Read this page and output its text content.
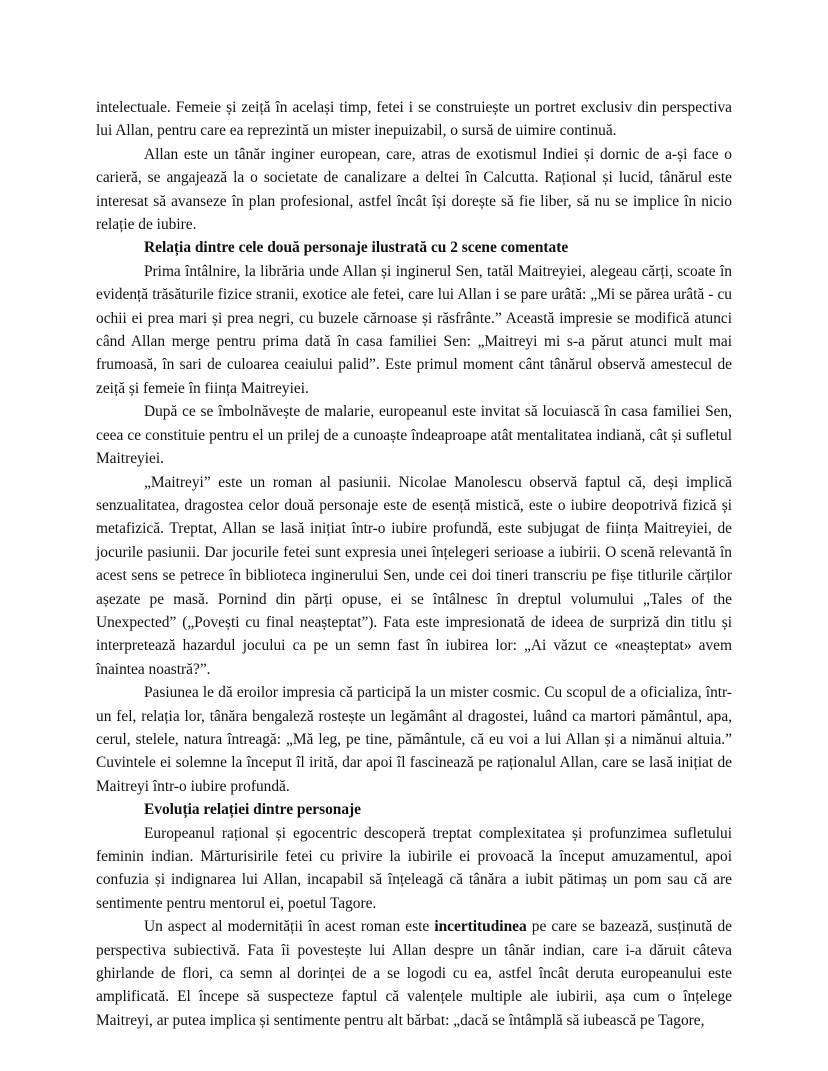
intelectuale. Femeie și zeiță în același timp, fetei i se construiește un portret exclusiv din perspectiva lui Allan, pentru care ea reprezintă un mister inepuizabil, o sursă de uimire continuă.

Allan este un tânăr inginer european, care, atras de exotismul Indiei și dornic de a-și face o carieră, se angajează la o societate de canalizare a deltei în Calcutta. Rațional și lucid, tânărul este interesat să avanseze în plan profesional, astfel încât își dorește să fie liber, să nu se implice în nicio relație de iubire.

Relația dintre cele două personaje ilustrată cu 2 scene comentate

Prima întâlnire, la librăria unde Allan și inginerul Sen, tatăl Maitreyiei, alegeau cărți, scoate în evidență trăsăturile fizice stranii, exotice ale fetei, care lui Allan i se pare urâtă: „Mi se părea urâtă - cu ochii ei prea mari și prea negri, cu buzele cărnoase și răsfrânte.” Această impresie se modifică atunci când Allan merge pentru prima dată în casa familiei Sen: „Maitreyi mi s-a părut atunci mult mai frumoasă, în sari de culoarea ceaiului palid”. Este primul moment cânt tânărul observă amestecul de zeiță și femeie în ființa Maitreyiei.

După ce se îmbolnăvește de malarie, europeanul este invitat să locuiască în casa familiei Sen, ceea ce constituie pentru el un prilej de a cunoaște îndeaproape atât mentalitatea indiană, cât și sufletul Maitreyiei.

„Maitreyi” este un roman al pasiunii. Nicolae Manolescu observă faptul că, deși implică senzualitatea, dragostea celor două personaje este de esență mistică, este o iubire deopotrivă fizică și metafizică. Treptat, Allan se lasă inițiat într-o iubire profundă, este subjugat de ființa Maitreyiei, de jocurile pasiunii. Dar jocurile fetei sunt expresia unei înțelegeri serioase a iubirii. O scenă relevantă în acest sens se petrece în biblioteca inginerului Sen, unde cei doi tineri transcriu pe fișe titlurile cărților așezate pe masă. Pornind din părți opuse, ei se întâlnesc în dreptul volumului „Tales of the Unexpected” („Povești cu final neașteptat”). Fata este impresionată de ideea de surpriză din titlu și interpretează hazardul jocului ca pe un semn fast în iubirea lor: „Ai văzut ce «neașteptat» avem înaintea noastră?”.

Pasiunea le dă eroilor impresia că participă la un mister cosmic. Cu scopul de a oficializa, într-un fel, relația lor, tânăra bengaleză rostește un legământ al dragostei, luând ca martori pământul, apa, cerul, stelele, natura întreagă: „Mă leg, pe tine, pământule, că eu voi a lui Allan și a nimănui altuia.” Cuvintele ei solemne la început îl irită, dar apoi îl fascinează pe raționalul Allan, care se lasă inițiat de Maitreyi într-o iubire profundă.

Evoluția relației dintre personaje

Europeanul rațional și egocentric descoperă treptat complexitatea și profunzimea sufletului feminin indian. Mărturisirile fetei cu privire la iubirile ei provoacă la început amuzamentul, apoi confuzia și indignarea lui Allan, incapabil să înțeleagă că tânăra a iubit pătimaș un pom sau că are sentimente pentru mentorul ei, poetul Tagore.

Un aspect al modernității în acest roman este incertitudinea pe care se bazează, susținută de perspectiva subiectivă. Fata îi povestește lui Allan despre un tânăr indian, care i-a dăruit câteva ghirlande de flori, ca semn al dorinței de a se logodi cu ea, astfel încât deruta europeanului este amplificată. El începe să suspecteze faptul că valențele multiple ale iubirii, așa cum o înțelege Maitreyi, ar putea implica și sentimente pentru alt bărbat: „dacă se întâmplă să iubească pe Tagore,
